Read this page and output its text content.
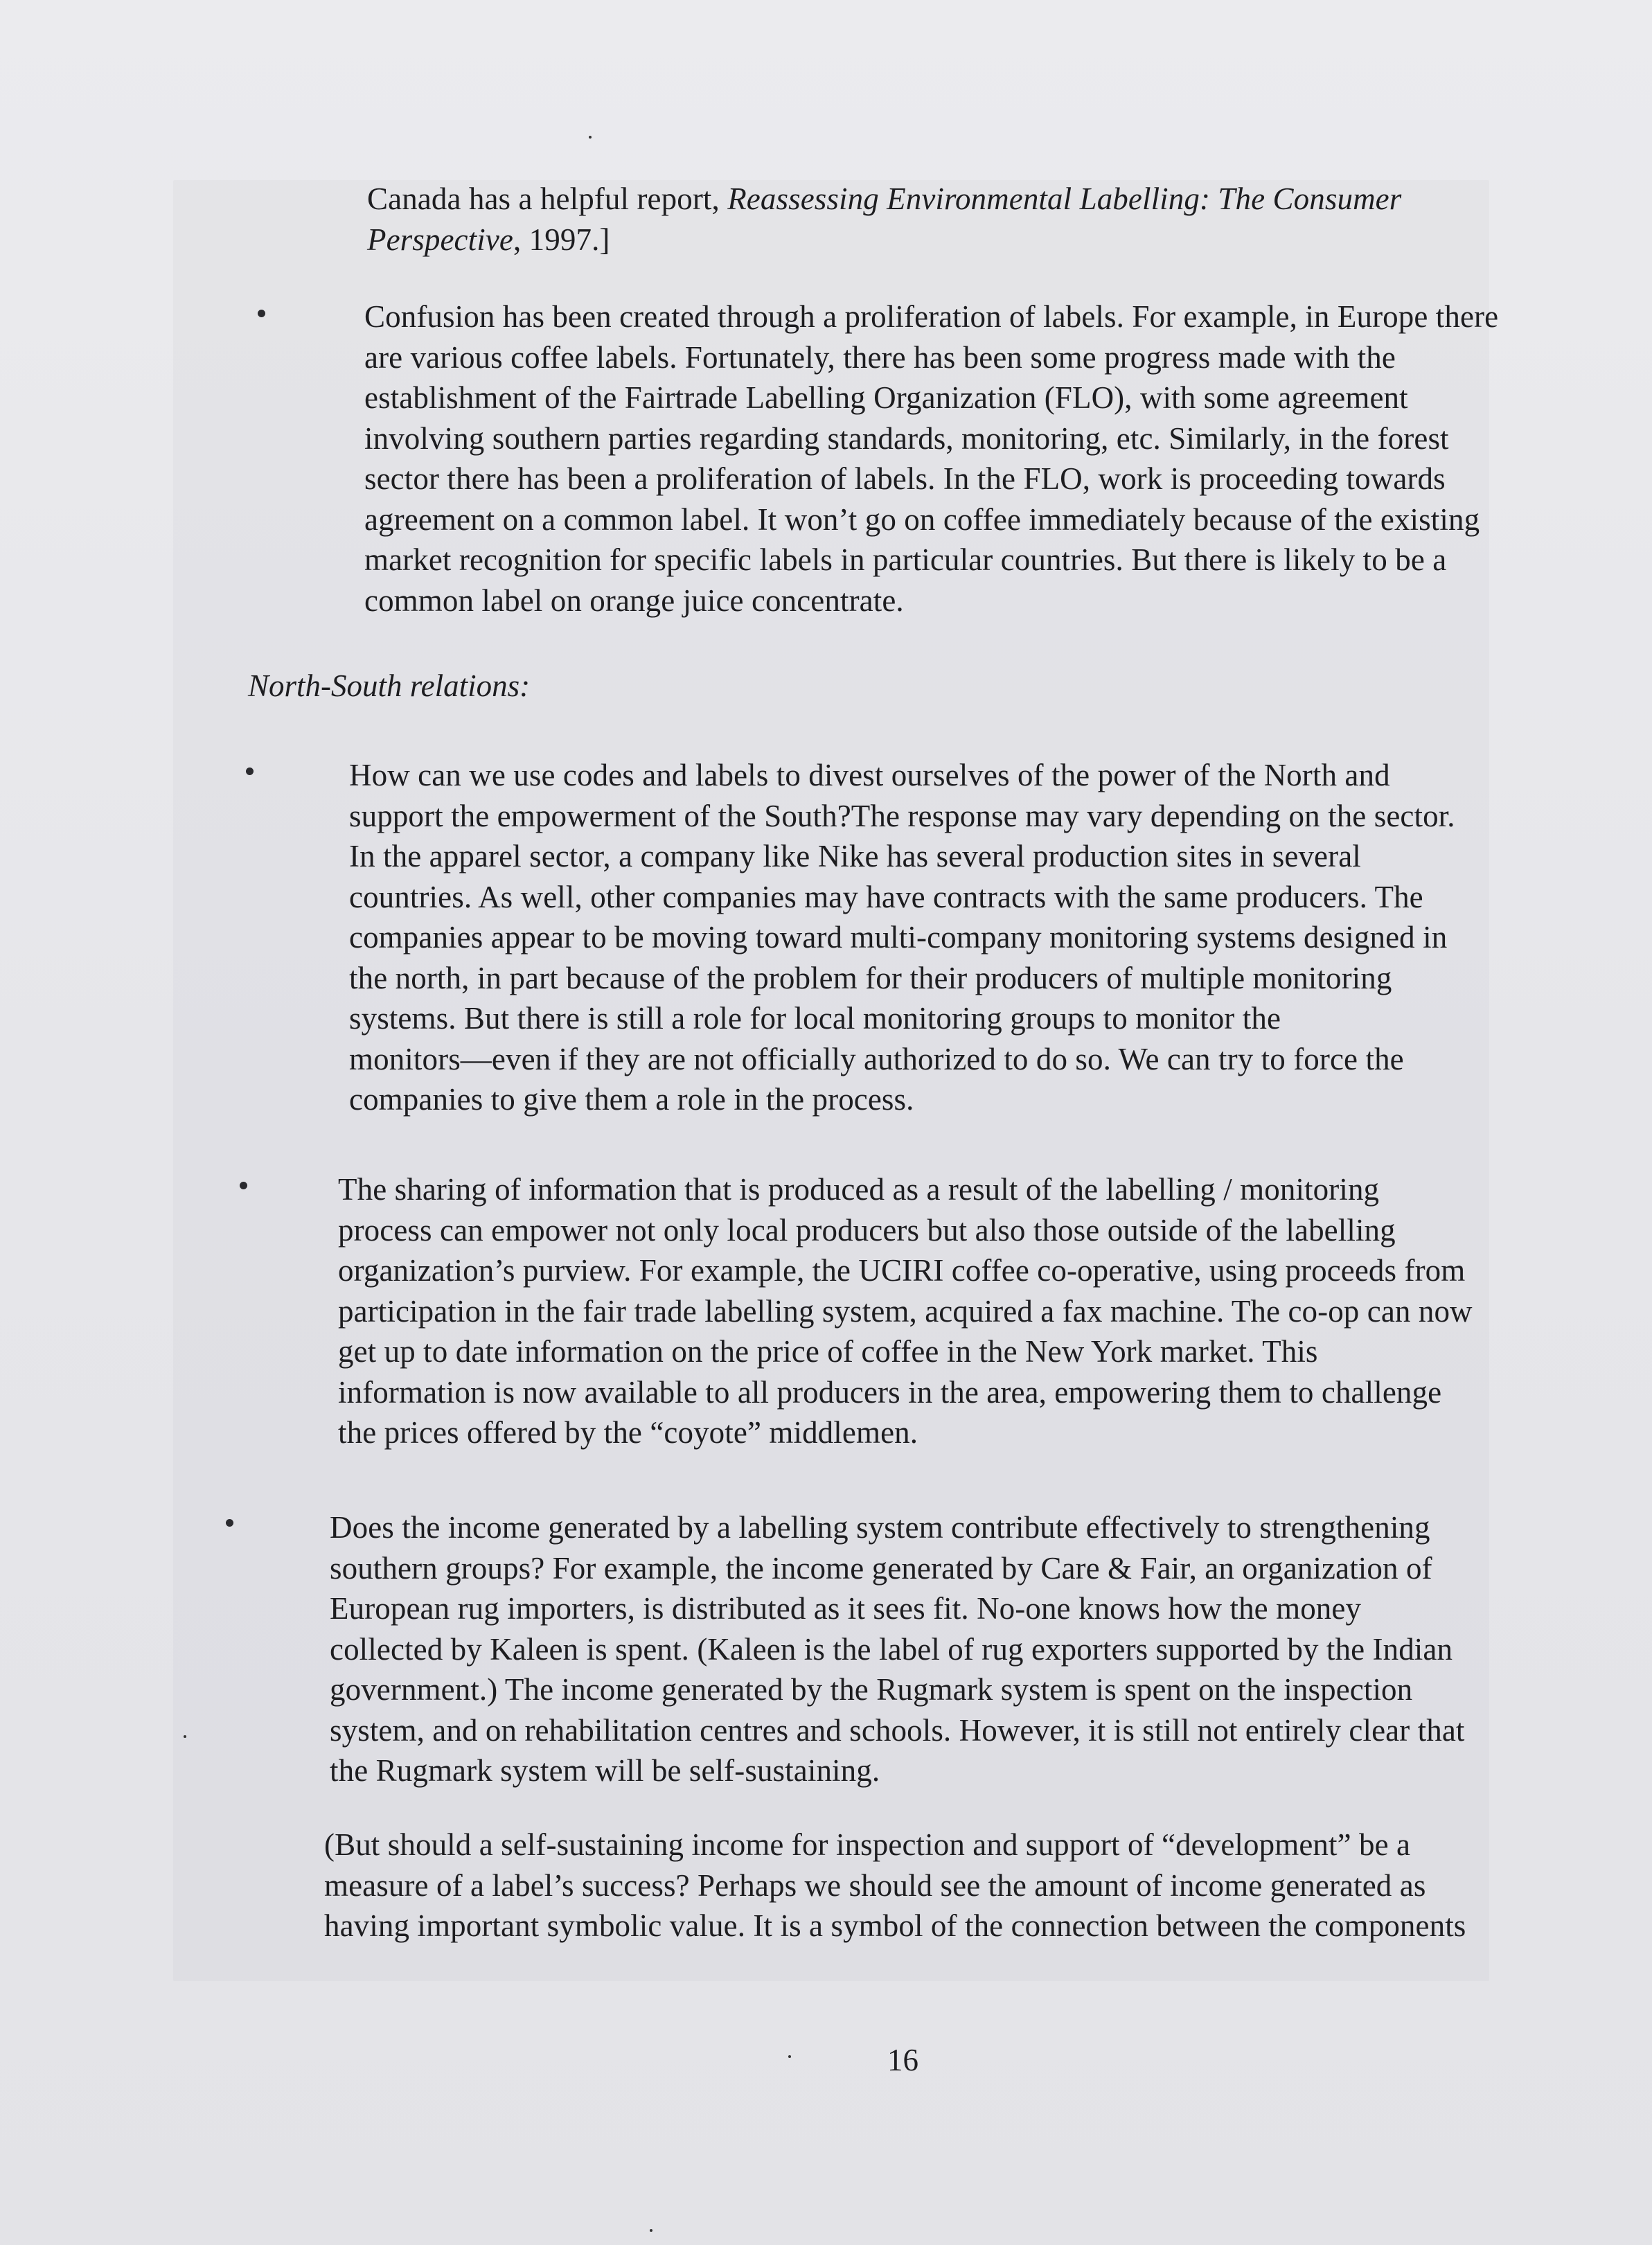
Canada has a helpful report, Reassessing Environmental Labelling: The Consumer
Perspective, 1997.]
Confusion has been created through a proliferation of labels. For example, in Europe there
are various coffee labels. Fortunately, there has been some progress made with the
establishment of the Fairtrade Labelling Organization (FLO), with some agreement
involving southern parties regarding standards, monitoring, etc. Similarly, in the forest
sector there has been a proliferation of labels. In the FLO, work is proceeding towards
agreement on a common label. It won’t go on coffee immediately because of the existing
market recognition for specific labels in particular countries. But there is likely to be a
common label on orange juice concentrate.
North-South relations:
How can we use codes and labels to divest ourselves of the power of the North and
support the empowerment of the South?The response may vary depending on the sector.
In the apparel sector, a company like Nike has several production sites in several
countries. As well, other companies may have contracts with the same producers. The
companies appear to be moving toward multi-company monitoring systems designed in
the north, in part because of the problem for their producers of multiple monitoring
systems. But there is still a role for local monitoring groups to monitor the
monitors—even if they are not officially authorized to do so. We can try to force the
companies to give them a role in the process.
The sharing of information that is produced as a result of the labelling / monitoring
process can empower not only local producers but also those outside of the labelling
organization’s purview. For example, the UCIRI coffee co-operative, using proceeds from
participation in the fair trade labelling system, acquired a fax machine. The co-op can now
get up to date information on the price of coffee in the New York market. This
information is now available to all producers in the area, empowering them to challenge
the prices offered by the “coyote” middlemen.
Does the income generated by a labelling system contribute effectively to strengthening
southern groups? For example, the income generated by Care & Fair, an organization of
European rug importers, is distributed as it sees fit. No-one knows how the money
collected by Kaleen is spent. (Kaleen is the label of rug exporters supported by the Indian
government.) The income generated by the Rugmark system is spent on the inspection
system, and on rehabilitation centres and schools. However, it is still not entirely clear that
the Rugmark system will be self-sustaining.
(But should a self-sustaining income for inspection and support of “development” be a
measure of a label’s success? Perhaps we should see the amount of income generated as
having important symbolic value. It is a symbol of the connection between the components
16
